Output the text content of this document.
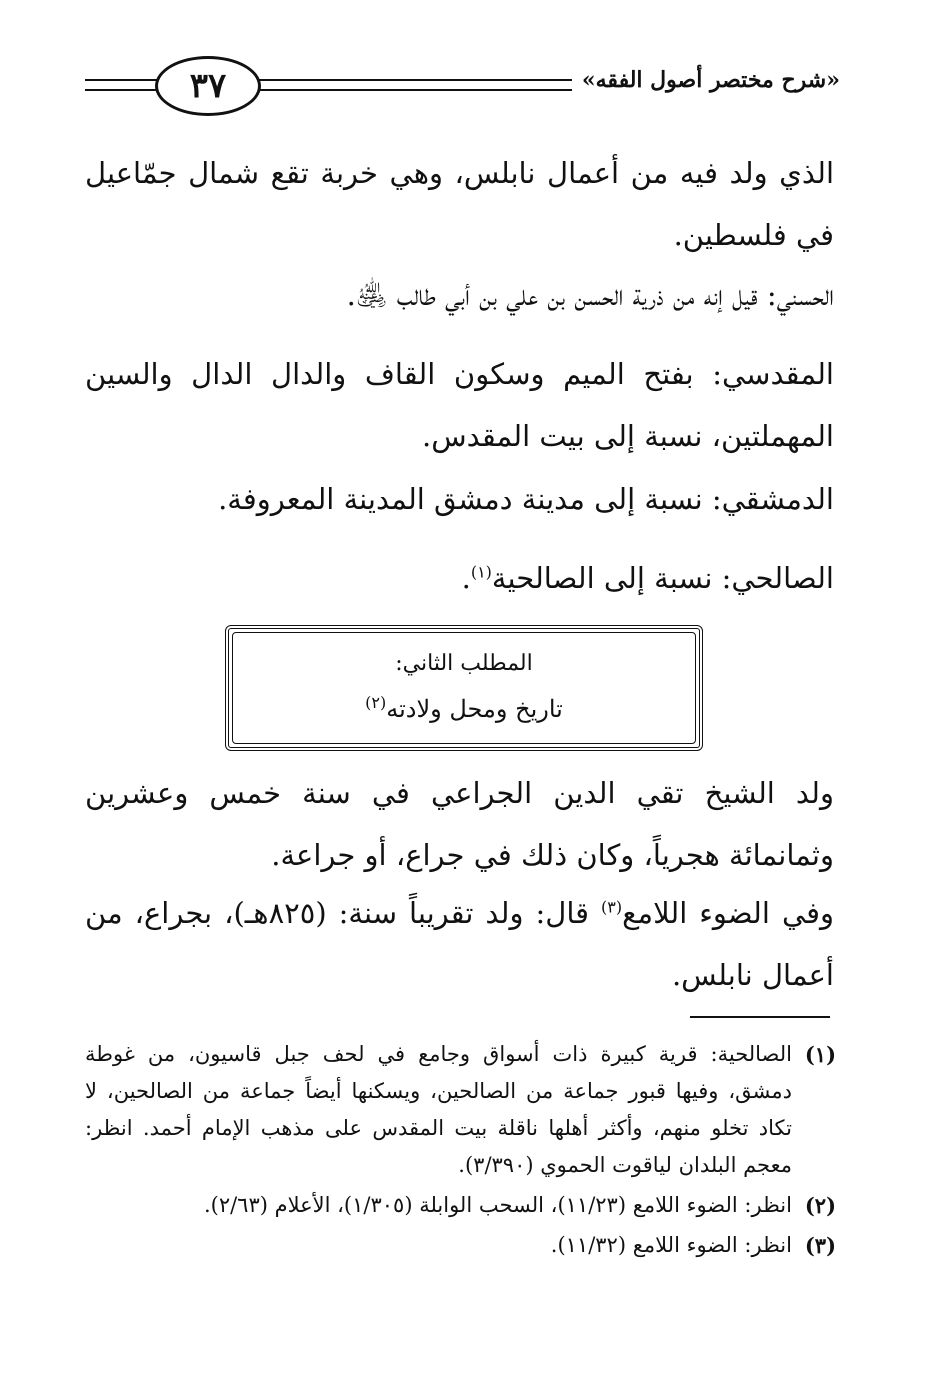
٣٧	«شرح مختصر أصول الفقه»
الذي ولد فيه من أعمال نابلس، وهي خربة تقع شمال جمّاعيل في فلسطين.
الحسني: قيل إنه من ذرية الحسن بن علي بن أبي طالب ﵁.
المقدسي: بفتح الميم وسكون القاف والدال الدال والسين المهملتين، نسبة إلى بيت المقدس.
الدمشقي: نسبة إلى مدينة دمشق المدينة المعروفة.
الصالحي: نسبة إلى الصالحية$^{(١)}$.
المطلب الثاني:
تاريخ ومحل ولادته$^{(٢)}$
ولد الشيخ تقي الدين الجراعي في سنة خمس وعشرين وثمانمائة هجرياً، وكان ذلك في جراع، أو جراعة.
وفي الضوء اللامع$^{(٣)}$ قال: ولد تقريباً سنة: (٨٢٥هـ)، بجراع، من أعمال نابلس.
(١)
الصالحية: قرية كبيرة ذات أسواق وجامع في لحف جبل قاسيون، من غوطة دمشق، وفيها قبور جماعة من الصالحين، ويسكنها أيضاً جماعة من الصالحين، لا تكاد تخلو منهم، وأكثر أهلها ناقلة بيت المقدس على مذهب الإمام أحمد. انظر: معجم البلدان لياقوت الحموي (٣/٣٩٠).
(٢)
انظر: الضوء اللامع (١١/٢٣)، السحب الوابلة (١/٣٠٥)، الأعلام (٢/٦٣).
(٣)
انظر: الضوء اللامع (١١/٣٢).
